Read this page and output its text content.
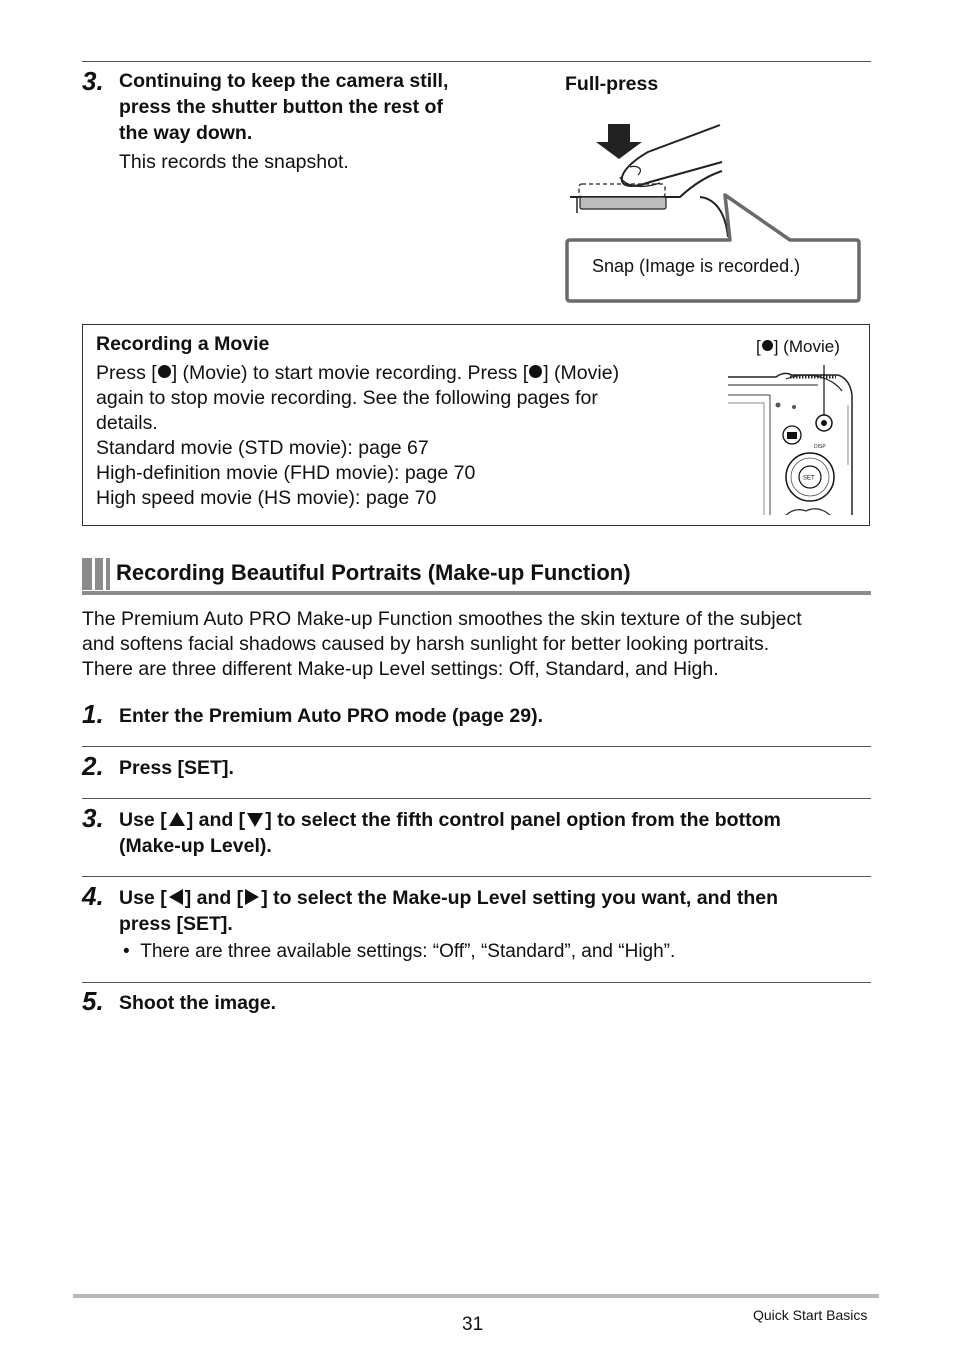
3. Continuing to keep the camera still,
press the shutter button the rest of
the way down.
This records the snapshot.
Full-press
Snap (Image is recorded.)
Recording a Movie
Press [ ] (Movie) to start movie recording. Press [ ] (Movie)
again to stop movie recording. See the following pages for
details.
Standard movie (STD movie): page 67
High-definition movie (FHD movie): page 70
High speed movie (HS movie): page 70
[ ] (Movie)
DISP
SET
Recording Beautiful Portraits (Make-up Function)
The Premium Auto PRO Make-up Function smoothes the skin texture of the subject
and softens facial shadows caused by harsh sunlight for better looking portraits.
There are three different Make-up Level settings: Off, Standard, and High.
1. Enter the Premium Auto PRO mode (page 29).
2. Press [SET].
3. Use [ ] and [ ] to select the fifth control panel option from the bottom
(Make-up Level).
4. Use [ ] and [ ] to select the Make-up Level setting you want, and then
press [SET].
•  There are three available settings: “Off”, “Standard”, and “High”.
5. Shoot the image.
31	Quick Start Basics
